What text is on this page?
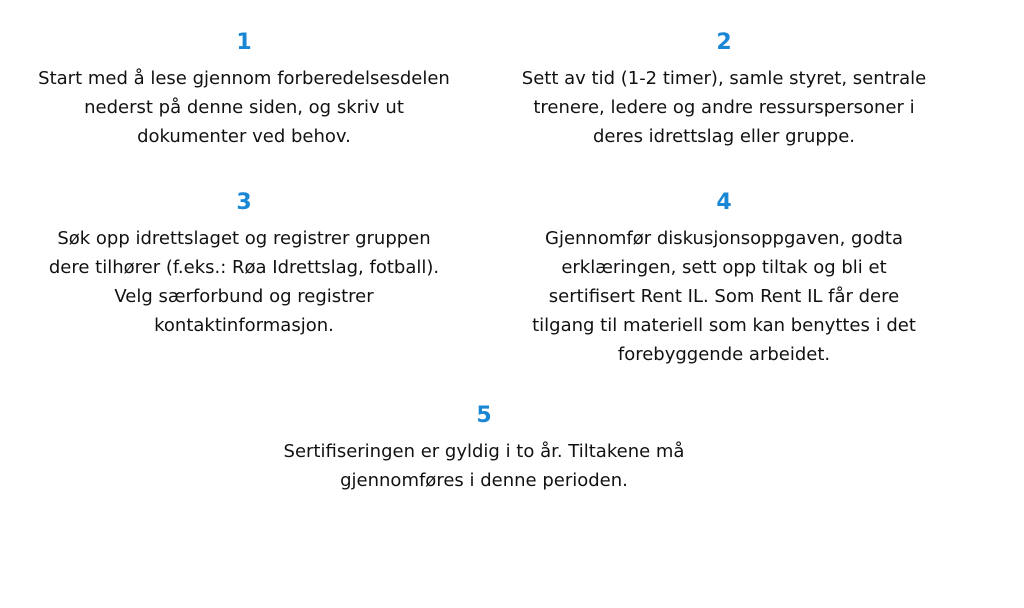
1

Start med å lese gjennom forberedelsesdelen
nederst på denne siden, og skriv ut
dokumenter ved behov.

2

Sett av tid (1-2 timer), samle styret, sentrale
trenere, ledere og andre ressurspersoner i
deres idrettslag eller gruppe.

3

Søk opp idrettslaget og registrer gruppen
dere tilhører (f.eks.: Røa Idrettslag, fotball).
Velg særforbund og registrer
kontaktinformasjon.

4

Gjennomfør diskusjonsoppgaven, godta
erklæringen, sett opp tiltak og bli et
sertifisert Rent IL. Som Rent IL får dere
tilgang til materiell som kan benyttes i det
forebyggende arbeidet.

5

Sertifiseringen er gyldig i to år. Tiltakene må
gjennomføres i denne perioden.
